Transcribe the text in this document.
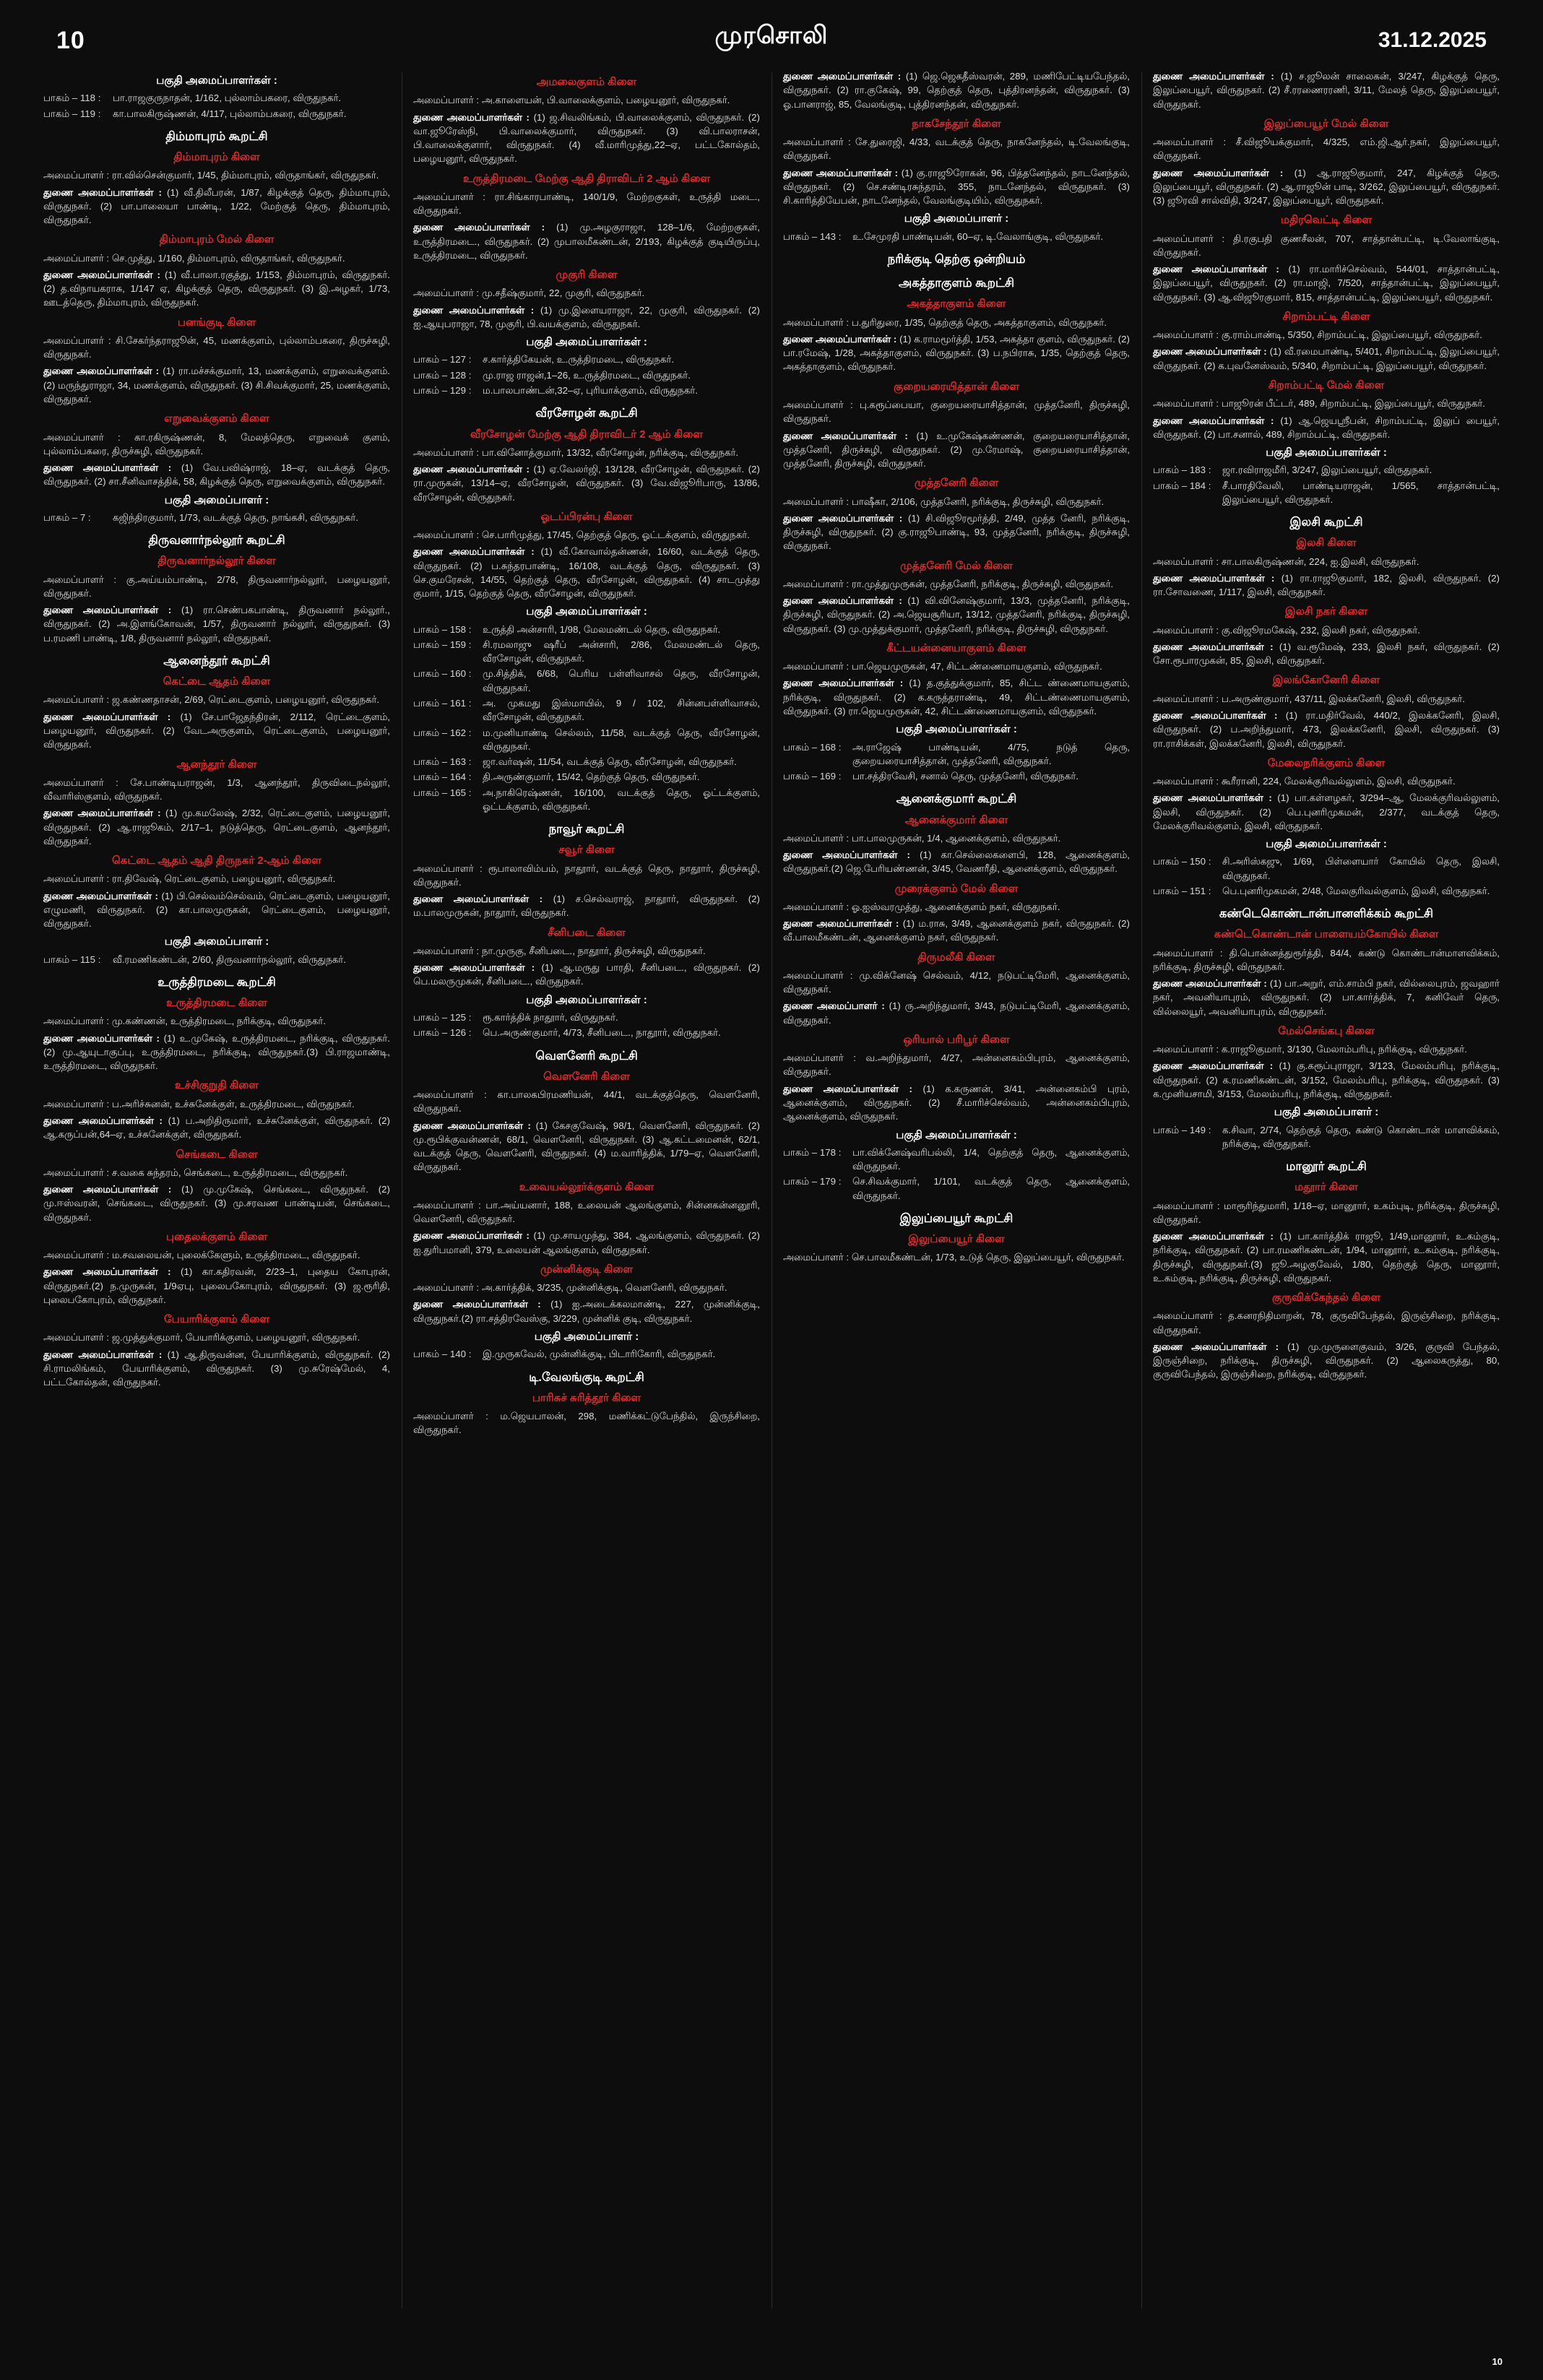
10	முரசொலி	31.12.2025
பகுதி அமைப்பாளர்கள் :
பாகம் – 118 :	பா.ராஜகுருநாதன், 1/162, புல்லாம்பகரை, விருதுநகர்.
பாகம் – 119 :	கா.பாலகிருஷ்ணன், 4/117, புல்லாம்பகரை, விருதுநகர்.
திம்மாபுரம் கூறட்சி
திம்மாபுரம் கிளை
அமைப்பாளர் : ரா.வில்சென்குமார், 1/45, திம்மாபுரம், விருதாங்கர், விருதுநகர்.
துணை அமைப்பாளர்கள் : (1) வீ.திலீபரன், 1/87, கிழக்குத் தெரு, திம்மாபுரம், விருதுநகர். (2) பா.பாலையா பாண்டி, 1/22, மேற்குத் தெரு, திம்மாபுரம், விருதுநகர்.
திம்மாபுரம் மேல் கிளை
அமைப்பாளர் : செ.முத்து, 1/160, திம்மாபுரம், விருதாங்கர், விருதுநகர்.
துணை அமைப்பாளர்கள் : (1) வீ.பாலா.ரகுத்து, 1/153, திம்மாபுரம், விருதுநகர். (2) த.விநாயகராசு, 1/147 ஏ, கிழக்குத் தெரு, விருதுநகர். (3) இ.அழகர், 1/73, ஊடத்தெரு, திம்மாபுரம், விருதுநகர்.
பனங்குடி கிளை
அமைப்பாளர் : சி.சேகர்ந்தராஜூன், 45, மணக்குளம், புல்லாம்பகரை, திருச்சுழி, விருதுநகர்.
துணை அமைப்பாளர்கள் : (1) ரா.மச்சக்குமார், 13, மணக்குளம், எறுவைக்குளம். (2) மருந்துராஜா, 34, மணக்குளம், விருதுநகர். (3) சி.சிவக்குமார், 25, மணக்குளம், விருதுநகர்.
எறுவைக்குளம் கிளை
அமைப்பாளர் : கா.ரகிருஷ்ணன், 8, மேலத்தெரு, எறுவைக் குளம், புல்லாம்பகரை, திருச்சுழி, விருதுநகர்.
துணை அமைப்பாளர்கள் : (1) வே.பவிஷ்ராஜ், 18–ஏ, வடக்குத் தெரு, விருதுநகர். (2) சா.சீனிவாசத்திக், 58, கிழக்குத் தெரு, எறுவைக்குளம், விருதுநகர்.
பகுதி அமைப்பாளர் :
பாகம் – 7 :	கஜிந்திரகுமார், 1/73, வடக்குத் தெரு, நாங்கசி, விருதுநகர்.
திருவனார்நல்லூர் கூறட்சி
திருவனார்நல்லூர் கிளை
அமைப்பாளர் : கு.அய்யம்பாண்டி, 2/78, திருவனார்நல்லூர், பழையனூர், விருதுநகர்.
துணை அமைப்பாளர்கள் : (1) ரா.செண்பகபாண்டி, திருவனார் நல்லூர்., விருதுநகர். (2) அ.இளங்கோவன், 1/57, திருவனார் நல்லூர், விருதுநகர். (3) ப.ரமணி பாண்டி, 1/8, திருவனார் நல்லூர், விருதுநகர்.
ஆனைந்தூர் கூறட்சி
கெட்டை ஆதம் கிளை
அமைப்பாளர் : ஜ.கண்ணதாசன், 2/69, ரெட்டைகுளம், பழையனூர், விருதுநகர்.
துணை அமைப்பாளர்கள் : (1) சே.பாஜேதந்திரன், 2/112, ரெட்டைகுளம், பழையனூர், விருதுநகர். (2) வேடஅருகுளம், ரெட்டைகுளம், பழையனூர், விருதுநகர்.
ஆனந்தூர் கிளை
அமைப்பாளர் : சே.பாண்டியராஜன், 1/3, ஆனந்தூர், திருவிடைநல்லூர், வீவாரிஸ்குளம், விருதுநகர்.
துணை அமைப்பாளர்கள் : (1) மு.கமலேஷ், 2/32, ரெட்டைகுளம், பழையனூர், விருதுநகர். (2) ஆ.ராஜூகம், 2/17–1, நடுத்தெரு, ரெட்டைகுளம், ஆனந்தூர், விருதுநகர்.
கெட்டை ஆதம் ஆதி திருநகர் 2-ஆம் கிளை
அமைப்பாளர் : ரா.திவேஷ், ரெட்டைகுளம், பழையனூர், விருதுநகர்.
துணை அமைப்பாளர்கள் : (1) பி.செல்வம்செல்வம், ரெட்டைகுளம், பழையனூர், எழுமணி, விருதுநகர். (2) கா.பாலமுருகன், ரெட்டைகுளம், பழையனூர், விருதுநகர்.
பகுதி அமைப்பாளர் :
பாகம் – 115 :	வீ.ரமணிகண்டன், 2/60, திருவனார்நல்லூர், விருதுநகர்.
உருத்திரமடை கூறட்சி
உருத்திரமடை கிளை
அமைப்பாளர் : மு.கண்ணன், உருத்திரமடை, நரிக்குடி, விருதுநகர்.
துணை அமைப்பாளர்கள் : (1) உ.முகேஷ், உருத்திரமடை, நரிக்குடி, விருதுநகர்.(2) மு.ஆயுடாகுப்பு, உருத்திரமடை, நரிக்குடி, விருதுநகர்.(3) பி.ராஜமாண்டி, உருத்திரமடை, விருதுநகர்.
உச்சிகுறுதி கிளை
அமைப்பாளர் : ப.அரிச்சுனன், உச்சுனேக்குள், உருத்திரமடை, விருதுநகர்.
துணை அமைப்பாளர்கள் : (1) ப.அறிதிருமார், உச்சுனேக்குள், விருதுநகர். (2) ஆ.கருப்பன்,64–ஏ, உச்சுனேக்குள், விருதுநகர்.
செங்கடை கிளை
அமைப்பாளர் : ச.வகை சுந்தரம், செங்கடை, உருத்திரமடை, விருதுநகர்.
துணை அமைப்பாளர்கள் : (1) மு.முகேஷ், செங்கடை, விருதுநகர். (2) மு.ஈஸ்வரன், செங்கடை, விருதுநகர். (3) மு.சரவண பாண்டியன், செங்கடை, விருதுநகர்.
புதைலக்குளம் கிளை
அமைப்பாளர் : ம.சவலையன், புலைக்கேளும், உருத்திரமடை, விருதுநகர்.
துணை அமைப்பாளர்கள் : (1) கா.கதிரவன், 2/23–1, புதைய கோபுரன், விருதுநகர்.(2) ந.முருகன், 1/9ஏபு, புலைபகோபுரம், விருதுநகர். (3) ஜ.ரூரிதி, புலைபகோபுரம், விருதுநகர்.
பேயாரிக்குளம் கிளை
அமைப்பாளர் : ஜ.முத்துக்குமார், பேயாரிக்குளம், பழையனூர், விருதுநகர்.
துணை அமைப்பாளர்கள் : (1) ஆ.திருவன்ன, பேயாரிக்குளம், விருதுநகர். (2) சி.ராமலிங்கம், பேயாரிக்குளம், விருதுநகர். (3) மு.சுரேஷ்மேல், 4, பட்டகோல்தன், விருதுநகர்.
அமலைகுளம் கிளை
அமைப்பாளர் : அ.காளையன், பி.வாலைக்குளம், பழையனூர், விருதுநகர்.
துணை அமைப்பாளர்கள் : (1) ஜ.சிவலிங்கம், பி.வாலைக்குளம், விருதுநகர். (2) வா.ஜூரேஸ்நி, பி.வாலைக்குமார், விருதுநகர். (3) வி.பாலராசன், பி.வாலைக்குளார், விருதுநகர். (4) வீ.மாரிமுத்து,22–ஏ, பட்டகோல்தம், பழையனூர், விருதுநகர்.
உருத்திரமடை மேற்கு ஆதி திராவிடர் 2 ஆம் கிளை
அமைப்பாளர் : ரா.சிங்காரபாண்டி, 140/1/9, மேற்றகுகள், உருத்தி மடை., விருதுநகர்.
துணை அமைப்பாளர்கள் : (1) மு.அழகுராஜா, 128–1/6, மேற்றகுகள், உருத்திரமடை., விருதுநகர். (2) முபாலமீகண்டன், 2/193, கிழக்குத் குடியிருப்பு, உருத்திரமடை, விருதுநகர்.
முகுரி கிளை
அமைப்பாளர் : மு.சதீஷ்குமார், 22, முகுரி, விருதுநகர்.
துணை அமைப்பாளர்கள் : (1) மு.இளையராஜா, 22, முகுரி, விருதுநகர். (2) ஐ.ஆயுபராஜா, 78, முகுரி, பி.வயக்குளம், விருதுநகர்.
பகுதி அமைப்பாளர்கள் :
பாகம் – 127 :	ச.கார்த்திகேயன், உ.ருத்திரமடை, விருதுநகர்.
பாகம் – 128 :	மு.ராஜ ராஜன்,1–26, உ.ருத்திரமடை, விருதுநகர்.
பாகம் – 129 :	ம.பாலபாண்டன்,32–ஏ, புரியாக்குளம், விருதுநகர்.
வீரசோழன் கூறட்சி
வீரசோழன் மேற்கு ஆதி திராவிடர் 2 ஆம் கிளை
அமைப்பாளர் : பா.வினோத்குமார், 13/32, வீரசோழன், நரிக்குடி, விருதுநகர்.
துணை அமைப்பாளர்கள் : (1) ஏ.வேலர்ஜி, 13/128, வீரசோழன், விருதுநகர். (2) ரா.முருகன், 13/14–ஏ, வீரசோழன், விருதுநகர். (3) வே.விஜூரிபாரு, 13/86, வீரசோழன், விருதுநகர்.
ஓடப்பிரன்பு கிளை
அமைப்பாளர் : செ.பாரிமுத்து, 17/45, தெற்குத் தெரு, ஓட்டக்குளம், விருதுநகர்.
துணை அமைப்பாளர்கள் : (1) வீ.கோவால்தன்ணன், 16/60, வடக்குத் தெரு, விருதுநகர். (2) ப.சுந்தரபாண்டி, 16/108, வடக்குத் தெரு, விருதுநகர். (3) செ.குமரேசன், 14/55, தெற்குத் தெரு, வீரசோழன், விருதுநகர். (4) சாடமுத்து குமார், 1/15, தெற்குத் தெரு, வீரசோழன், விருதுநகர்.
பகுதி அமைப்பாளர்கள் :
பாகம் – 158 :	உருத்தி அன்சாரி, 1/98, மேலமண்டல் தெரு, விருதுநகர்.
பாகம் – 159 :	சி.ரமலாஜு ஷரீப் அன்சாரி, 2/86, மேலமண்டல் தெரு, வீரசோழன், விருதுநகர்.
பாகம் – 160 :	மு.சித்திக், 6/68, பெரிய பள்ளிவாசல் தெரு, வீரசோழன், விருதுநகர்.
பாகம் – 161 :	அ. முகமது இஸ்மாயில், 9 / 102, சின்னபள்ளிவாசல், வீரசோழன், விருதுநகர்.
பாகம் – 162 :	ம.முனியாண்டி செல்லம், 11/58, வடக்குத் தெரு, வீரசோழன், விருதுநகர்.
பாகம் – 163 :	ஜா.வர்ஷன், 11/54, வடக்குத் தெரு, வீரசோழன், விருதுநகர்.
பாகம் – 164 :	தி.அருண்குமார், 15/42, தெற்குத் தெரு, விருதுநகர்.
பாகம் – 165 :	அ.நாகிரெஷ்ணன், 16/100, வடக்குத் தெரு, ஓட்டக்குளம், ஓட்டக்குளம், விருதுநகர்.
நாவூர் கூறட்சி
சவூர் கிளை
அமைப்பாளர் : ரூபாலாவிம்பம், நாதூார், வடக்குத் தெரு, நாதூார், திருச்சுழி, விருதுநகர்.
துணை அமைப்பாளர்கள் : (1) ச.செல்வராஜ், நாதூார், விருதுநகர். (2) ம.பாலமுருகன், நாதூார், விருதுநகர்.
சீனிபடை கிளை
அமைப்பாளர் : நா.முருகு, சீனிபடை., நாதூார், திருச்சுழி, விருதுநகர்.
துணை அமைப்பாளர்கள் : (1) ஆ.மருது பாரதி, சீனிபடை., விருதுநகர். (2) பெ.மலருமுகன், சீனிபடை., விருதுநகர்.
பகுதி அமைப்பாளர்கள் :
பாகம் – 125 :	ரூ.கார்த்திக் நாதூார், விருதுநகர்.
பாகம் – 126 :	பெ.அருண்குமார், 4/73, சீனிபடை., நாதூார், விருதுநகர்.
வௌனேரி கூறட்சி
வௌனேரி கிளை
அமைப்பாளர் : கா.பாலகபிரமணியன், 44/1, வடக்குத்தெரு, வௌனேரி, விருதுநகர்.
துணை அமைப்பாளர்கள் : (1) கேசகுவேஷ், 98/1, வௌனேரி, விருதுநகர். (2) மு.ரூபிக்குவன்ணன், 68/1, வௌனேரி, விருதுநகர். (3) ஆ.கட்டமைனன், 62/1, வடக்குத் தெரு, வௌனேரி, விருதுநகர். (4) ம.வாரித்திக், 1/79–ஏ, வௌனேரி, விருதுநகர்.
உவையல்லூர்க்குளம் கிளை
அமைப்பாளர் : பா.அய்யனார், 188, உலையன் ஆலங்குளம், சின்னகன்னனூரி, வௌனேரி, விருதுநகர்.
துணை அமைப்பாளர்கள் : (1) மு.சாயமுந்து, 384, ஆலங்குளம், விருதுநகர். (2) ஐ.துரிபமானி, 379, உலையன் ஆலங்குளம், விருதுநகர்.
முன்னிக்குடி கிளை
அமைப்பாளர் : அ.கார்த்திக், 3/235, முன்னிக்குடி, வௌனேரி, விருதுநகர்.
துணை அமைப்பாளர்கள் : (1) ஐ.அடைக்கலமாண்டி, 227, முன்னிக்குடி, விருதுநகர்.(2) ரா.சத்திரவேஸ்கு, 3/229, முன்னிக் குடி, விருதுநகர்.
பகுதி அமைப்பாளர் :
பாகம் – 140 :	இ.முருகவேல், முன்னிக்குடி, பிடாரிகோரி, விருதுநகர்.
டி.வேலங்குடி கூறட்சி
பாரிசுச் சுரித்தூர் கிளை
அமைப்பாளர் : ம.ஜெயபாலன், 298, மணிக்கட்டுபேந்தில், இருந்சிறை, விருதுநகர்.
துணை அமைப்பாளர்கள் : (1) ஜெ.ஜெகதீஸ்வரன், 289, மணிபேட்டியபேந்தல், விருதுநகர். (2) ரா.குகேஷ், 99, தெற்குத் தெரு, புத்திரனந்தன், விருதுநகர். (3) ஓ.பானராஜ், 85, வேலங்குடி, புத்திரனந்தன், விருதுநகர்.
நாகசேந்தூர் கிளை
அமைப்பாளர் : சே.துரைஜி, 4/33, வடக்குத் தெரு, நாகனேந்தல், டி.வேலங்குடி, விருதுநகர்.
துணை அமைப்பாளர்கள் : (1) கு.ராஜூரோகன், 96, பித்தனேந்தல், நாடனேந்தல், விருதுநகர். (2) செ.சண்டிரசுந்தரம், 355, நாடனேந்தல், விருதுநகர். (3) சி.காரித்தியேபன், நாடனேந்தல், வேலங்குடியிம், விருதுநகர்.
பகுதி அமைப்பாளர் :
பாகம் – 143 :	உ.சேமுரதி பாண்டியன், 60–ஏ, டி.வேலாங்குடி, விருதுநகர்.
நரிக்குடி தெற்கு ஒன்றியம்
அகத்தாகுளம் கூறட்சி
அகத்தாகுளம் கிளை
அமைப்பாளர் : ப.துரிதுரை, 1/35, தெற்குத் தெரு, அகத்தாகுளம், விருதுநகர்.
துணை அமைப்பாளர்கள் : (1) க.ராமமூர்த்தி, 1/53, அகத்தா குளம், விருதுநகர். (2) பா.ரமேஷ், 1/28, அகத்தாகுளம், விருதுநகர். (3) ப.நபிராசு, 1/35, தெற்குத் தெரு, அகத்தாகுளம், விருதுநகர்.
குறையரையித்தான் கிளை
அமைப்பாளர் : பு.கரூப்பையா, குறையரையாசித்தான், முத்தனேரி, திருச்சுழி, விருதுநகர்.
துணை அமைப்பாளர்கள் : (1) உ.முகேஷ்கண்ணன், குறையரையாசித்தான், முத்தனேரி, திருச்சுழி, விருதுநகர். (2) மு.ரேமாஷ், குறையரையாசித்தான், முத்தனேரி, திருச்சுழி, விருதுநகர்.
முத்தனேரி கிளை
அமைப்பாளர் : பாஷீகா, 2/106, முத்தனேரி, நரிக்குடி, திருச்சுழி, விருதுநகர்.
துணை அமைப்பாளர்கள் : (1) சி.விஜூரமூர்த்தி, 2/49, முத்த னேரி, நரிக்குடி, திருச்சுழி, விருதுநகர். (2) கு.ராஜூபாண்டி, 93, முத்தனேரி, நரிக்குடி, திருச்சுழி, விருதுநகர்.
முத்தனேரி மேல் கிளை
அமைப்பாளர் : ரா.முத்துமுருகன், முத்தனேரி, நரிக்குடி, திருச்சுழி, விருதுநகர்.
துணை அமைப்பாளர்கள் : (1) வி.வினேஷ்குமார், 13/3, முத்தனேரி, நரிக்குடி, திருச்சுழி, விருதுநகர். (2) அ.ஜெயசூரியா, 13/12, முத்தனேரி, நரிக்குடி, திருச்சுழி, விருதுநகர். (3) மு.முத்துக்குமார், முத்தனேரி, நரிக்குடி, திருச்சுழி, விருதுநகர்.
கீட்டயன்னையாகுளம் கிளை
அமைப்பாளர் : பா.ஜெயமுருகன், 47, சிட்டண்ணைமாயகுளம், விருதுநகர்.
துணை அமைப்பாளர்கள் : (1) த.குத்துக்குமார், 85, சிட்ட ண்ணைமாயகுளம், நரிக்குடி, விருதுநகர். (2) க.கருத்தராண்டி, 49, சிட்டண்ணைமாயகுளம், விருதுநகர். (3) ரா.ஜெயமுருகன், 42, சிட்டண்ணைமாயகுளம், விருதுநகர்.
பகுதி அமைப்பாளர்கள் :
பாகம் – 168 :	அ.ராஜேஷ் பாண்டியன், 4/75, நடுத் தெரு, குறையரையாசித்தான், முத்தனேரி, விருதுநகர்.
பாகம் – 169 :	பா.சத்திரவேசி, சனால் தெரு, முத்தனேரி, விருதுநகர்.
ஆனைக்குமார் கூறட்சி
ஆனைக்குமார் கிளை
அமைப்பாளர் : பா.பாலமுருகன், 1/4, ஆனைக்குளம், விருதுநகர்.
துணை அமைப்பாளர்கள் : (1) கா.செல்லைகளைபி, 128, ஆனைக்குளம், விருதுநகர்.(2) ஜெ.பேரியண்ணன், 3/45, வேணரீதி, ஆனைக்குளம், விருதுநகர்.
முரைக்குளம் மேல் கிளை
அமைப்பாளர் : ஓ.ஐஸ்வரமுத்து, ஆனைக்குளம் நகர், விருதுநகர்.
துணை அமைப்பாளர்கள் : (1) ம.ராசு, 3/49, ஆனைக்குளம் நகர், விருதுநகர். (2) வீ.பாலமீகண்டன், ஆனைக்குளம் நகர், விருதுநகர்.
திருமலீகி கிளை
அமைப்பாளர் : மு.விக்னேஷ் செல்வம், 4/12, நடுபட்டிமேரி, ஆனைக்குளம், விருதுநகர்.
துணை அமைப்பாளர் : (1) ரு.அறிந்துமார், 3/43, நடுபட்டிமேரி, ஆனைக்குளம், விருதுநகர்.
ஒரியால் பரிபூர் கிளை
அமைப்பாளர் : வ.அறிந்துமார், 4/27, அன்னைகம்பிபுரம், ஆனைக்குளம், விருதுநகர்.
துணை அமைப்பாளர்கள் : (1) க.கருணன், 3/41, அன்னைகம்பி புரம், ஆனைக்குளம், விருதுநகர். (2) சீ.மாரிச்செல்வம், அன்னைகம்பிபுரம், ஆனைக்குளம், விருதுநகர்.
பகுதி அமைப்பாளர்கள் :
பாகம் – 178 :	பா.விக்னேஷ்வரிபல்லி, 1/4, தெற்குத் தெரு, ஆனைக்குளம், விருதுநகர்.
பாகம் – 179 :	செ.சிவக்குமார், 1/101, வடக்குத் தெரு, ஆனைக்குளம், விருதுநகர்.
இலுப்பையூர் கூறட்சி
இலுப்பையூர் கிளை
அமைப்பாளர் : செ.பாலமீகண்டன், 1/73, உடுத் தெரு, இலுப்பையூர், விருதுநகர்.
துணை அமைப்பாளர்கள் : (1) ச.ஜூலன் சாலைகன், 3/247, கிழக்குத் தெரு, இலுப்பையூர், விருதுநகர். (2) சீ.ரரணைரரணி, 3/11, மேலத் தெரு, இலுப்பையூர், விருதுநகர்.
இலுப்பையூர் மேல் கிளை
அமைப்பாளர் : சீ.விஜூயக்குமார், 4/325, எம்.ஜி.ஆர்.நகர், இலுப்பையூர், விருதுநகர்.
துணை அமைப்பாளர்கள் : (1) ஆ.ராஜூகுமார், 247, கிழக்குத் தெரு, இலுப்பையூர், விருதுநகர். (2) ஆ.ராஜூன் பாடி, 3/262, இலுப்பையூர், விருதுநகர். (3) ஜூரவி சால்விதி, 3/247, இலுப்பையூர், விருதுநகர்.
மதிரவெட்டி கிளை
அமைப்பாளர் : தி.ரகுபதி குணசீலன், 707, சாத்தான்பட்டி, டி.வேலாங்குடி, விருதுநகர்.
துணை அமைப்பாளர்கள் : (1) ரா.மாரிச்செல்வம், 544/01, சாத்தான்பட்டி, இலுப்பையூர், விருதுநகர். (2) ரா.மாஜி, 7/520, சாத்தான்பட்டி, இலுப்பையூர், விருதுநகர். (3) ஆ.விஜூரகுமார், 815, சாத்தான்பட்டி, இலுப்பையூர், விருதுநகர்.
சிறாம்பட்டி கிளை
அமைப்பாளர் : கு.ராம்பாண்டி, 5/350, சிறாம்பட்டி, இலுப்பையூர், விருதுநகர்.
துணை அமைப்பாளர்கள் : (1) வீ.ரமைபாண்டி, 5/401, சிறாம்பட்டி, இலுப்பையூர், விருதுநகர். (2) க.புவனேஸ்வம், 5/340, சிறாம்பட்டி, இலுப்பையூர், விருதுநகர்.
சிறாம்பட்டி மேல் கிளை
அமைப்பாளர் : பாஜூரன் பீட்டர், 489, சிறாம்பட்டி, இலுப்பையூர், விருதுநகர்.
துணை அமைப்பாளர்கள் : (1) ஆ.ஜெயஸ்ரீபன், சிறாம்பட்டி, இலுப் பையூர், விருதுநகர். (2) பா.சனால், 489, சிறாம்பட்டி, விருதுநகர்.
பகுதி அமைப்பாளர்கள் :
பாகம் – 183 :	ஜா.ரவிராஜமீரி, 3/247, இலுப்பையூர், விருதுநகர்.
பாகம் – 184 :	சீ.பாரதிவேலி, பாண்டியராஜன், 1/565, சாத்தான்பட்டி, இலுப்பையூர், விருதுநகர்.
இலசி கூறட்சி
இலசி கிளை
அமைப்பாளர் : சா.பாலகிருஷ்ணன், 224, ஐ.இலசி, விருதுநகர்.
துணை அமைப்பாளர்கள் : (1) ரா.ராஜூகுமார், 182, இலசி, விருதுநகர். (2) ரா.சோவணை, 1/117, இலசி, விருதுநகர்.
இலசி நகர் கிளை
அமைப்பாளர் : கு.விஜூரமகேஷ், 232, இலசி நகர், விருதுநகர்.
துணை அமைப்பாளர்கள் : (1) வ.ரூமேஷ், 233, இலசி நகர், விருதுநகர். (2) சோ.ரூபாரமுகன், 85, இலசி, விருதுநகர்.
இலங்கோனேரி கிளை
அமைப்பாளர் : ப.அருண்குமார், 437/11, இலக்கனேரி, இலசி, விருதுநகர்.
துணை அமைப்பாளர்கள் : (1) ரா.மதிர்வேல், 440/2, இலக்கனேரி, இலசி, விருதுநகர். (2) ப.அறிந்துமார், 473, இலக்கனேரி, இலசி, விருதுநகர். (3) ரா.ராசிக்கள், இலக்கனேரி, இலசி, விருதுநகர்.
மேலைநரிக்குளம் கிளை
அமைப்பாளர் : கூரீரானி, 224, மேலக்குரிவல்லுளம், இலசி, விருதுநகர்.
துணை அமைப்பாளர்கள் : (1) பா.கள்ளழகர், 3/294–ஆ, மேலக்குரிவல்லுளம், இலசி, விருதுநகர். (2) பெ.புனரிமுகமன், 2/377, வடக்குத் தெரு, மேலக்குரிவல்குளம், இலசி, விருதுநகர்.
பகுதி அமைப்பாளர்கள் :
பாகம் – 150 :	சி.அரிஸ்கஜு, 1/69, பிள்ளையார் கோயில் தெரு, இலசி, விருதுநகர்.
பாகம் – 151 :	பெ.புனரிமுகமன், 2/48, மேலகுரிவல்குளம், இலசி, விருதுநகர்.
கண்டெகொண்டான்பானளிக்கம் கூறட்சி
கண்டெகொண்டான் பாளையம்கோயில் கிளை
அமைப்பாளர் : தி.பொன்னத்துரூர்த்தி, 84/4, கண்டு கொண்டான்மாளவிக்கம், நரிக்குடி, திருச்சுழி, விருதுநகர்.
துணை அமைப்பாளர்கள் : (1) பா.அறுர், எம்.சாம்பி நகர், வில்லைபுரம், ஜவஹார் நகர், அவனியாபுரம், விருதுநகர். (2) பா.கார்த்திக், 7, கனிவேர் தெரு, வில்லையூர், அவனியாபுரம், விருதுநகர்.
மேல்செங்கபு கிளை
அமைப்பாளர் : க.ராஜூகுமார், 3/130, மேலாம்பரிபு, நரிக்குடி, விருதுநகர்.
துணை அமைப்பாளர்கள் : (1) கு.கரூப்புராஜா, 3/123, மேலம்பரிபு, நரிக்குடி, விருதுநகர். (2) க.ரமணிகண்டன், 3/152, மேலம்பரிபு, நரிக்குடி, விருதுநகர். (3) க.முனியசாமி, 3/153, மேலம்பரிபு, நரிக்குடி, விருதுநகர்.
பகுதி அமைப்பாளர் :
பாகம் – 149 :	க.சிவா, 2/74, தெற்குத் தெரு, கண்டு கொண்டான் மாளவிக்கம், நரிக்குடி, விருதுநகர்.
மானூர் கூறட்சி
மதூார் கிளை
அமைப்பாளர் : மாரூரிந்துமாரி, 1/18–ஏ, மானூார், உகம்புடி, நரிக்குடி, திருச்சுழி, விருதுநகர்.
துணை அமைப்பாளர்கள் : (1) பா.கார்த்திக் ராஜூ, 1/49,மானூார், உ.கம்குடி, நரிக்குடி, விருதுநகர். (2) பா.ரமணிகண்டன், 1/94, மானூார், உ.கம்குடி, நரிக்குடி, திருச்சுழி, விருதுநகர்.(3) ஜூ.அழகுவேல், 1/80, தெற்குத் தெரு, மானூார், உ.கம்குடி, நரிக்குடி, திருச்சுழி, விருதுநகர்.
குருவிக்கேந்தல் கிளை
அமைப்பாளர் : த.கனரநிதிமாறன், 78, குருவிபேந்தல், இருஞ்சிறை, நரிக்குடி, விருதுநகர்.
துணை அமைப்பாளர்கள் : (1) மு.முருளைகுவம், 3/26, குருவி பேந்தல், இருஞ்சிறை, நரிக்குடி, திருச்சுழி, விருதுநகர். (2) ஆலைகருத்து, 80, குருவிபேந்தல், இருஞ்சிறை, நரிக்குடி, விருதுநகர்.
10
